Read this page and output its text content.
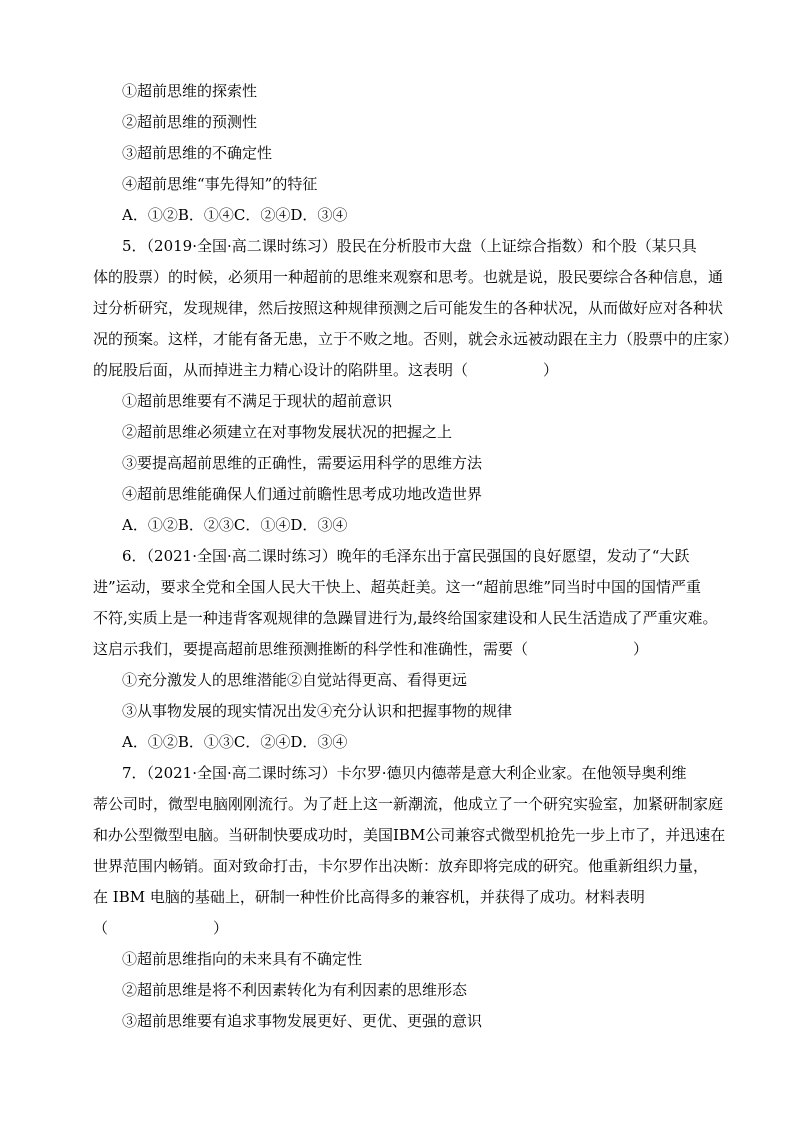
①超前思维的探索性
②超前思维的预测性
③超前思维的不确定性
④超前思维“事先得知”的特征
A．①②B．①④C．②④D．③④
5．（2019·全国·高二课时练习）股民在分析股市大盘（上证综合指数）和个股（某只具
体的股票）的时候，必须用一种超前的思维来观察和思考。也就是说，股民要综合各种信息，通
过分析研究，发现规律，然后按照这种规律预测之后可能发生的各种状况，从而做好应对各种状
况的预案。这样，才能有备无患，立于不败之地。否则，就会永远被动跟在主力（股票中的庄家）
的屁股后面，从而掉进主力精心设计的陷阱里。这表明（　　　　　）
①超前思维要有不满足于现状的超前意识
②超前思维必须建立在对事物发展状况的把握之上
③要提高超前思维的正确性，需要运用科学的思维方法
④超前思维能确保人们通过前瞻性思考成功地改造世界
A．①②B．②③C．①④D．③④
6．（2021·全国·高二课时练习）晚年的毛泽东出于富民强国的良好愿望，发动了“大跃
进”运动，要求全党和全国人民大干快上、超英赶美。这一“超前思维”同当时中国的国情严重
不符,实质上是一种违背客观规律的急躁冒进行为,最终给国家建设和人民生活造成了严重灾难。
这启示我们，要提高超前思维预测推断的科学性和准确性，需要（　　　　　　　）
①充分激发人的思维潜能②自觉站得更高、看得更远
③从事物发展的现实情况出发④充分认识和把握事物的规律
A．①②B．①③C．②④D．③④
7．（2021·全国·高二课时练习）卡尔罗·德贝内德蒂是意大利企业家。在他领导奥利维
蒂公司时，微型电脑刚刚流行。为了赶上这一新潮流，他成立了一个研究实验室，加紧研制家庭
和办公型微型电脑。当研制快要成功时，美国IBM公司兼容式微型机抢先一步上市了，并迅速在
世界范围内畅销。面对致命打击，卡尔罗作出决断：放弃即将完成的研究。他重新组织力量，
在 IBM 电脑的基础上，研制一种性价比高得多的兼容机，并获得了成功。材料表明
（　　　　　　　）
①超前思维指向的未来具有不确定性
②超前思维是将不利因素转化为有利因素的思维形态
③超前思维要有追求事物发展更好、更优、更强的意识
